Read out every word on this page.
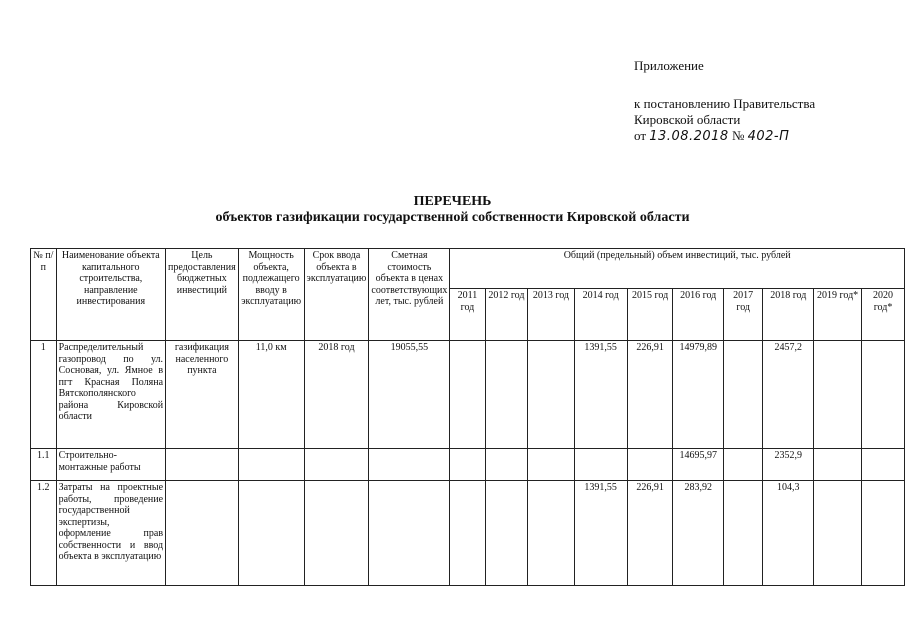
Приложение
к постановлению Правительства
Кировской области
от 13.08.2018 № 402-П
ПЕРЕЧЕНЬ
объектов газификации государственной собственности Кировской области
№ п/п	Наименование объекта капитального строительства, направление инвестирования	Цель предоставления бюджетных инвестиций	Мощность объекта, подлежащего вводу в эксплуатацию	Срок ввода объекта в эксплуатацию	Сметная стоимость объекта в ценах соответствующих лет, тыс. рублей	Общий (предельный) объем инвестиций, тыс. рублей									
						2011 год	2012 год	2013 год	2014 год	2015 год	2016 год	2017 год	2018 год	2019 год*	2020 год*
1	Распределительный газопровод по ул. Сосновая, ул. Ямное в пгт Красная Поляна Вятскополянского района Кировской области	газификация населенного пункта	11,0 км	2018 год	19055,55				1391,55	226,91	14979,89		2457,2		
1.1	Строительно-монтажные работы										14695,97		2352,9		
1.2	Затраты на проектные работы, проведение государственной экспертизы, оформление прав собственности и ввод объекта в эксплуатацию								1391,55	226,91	283,92		104,3		
